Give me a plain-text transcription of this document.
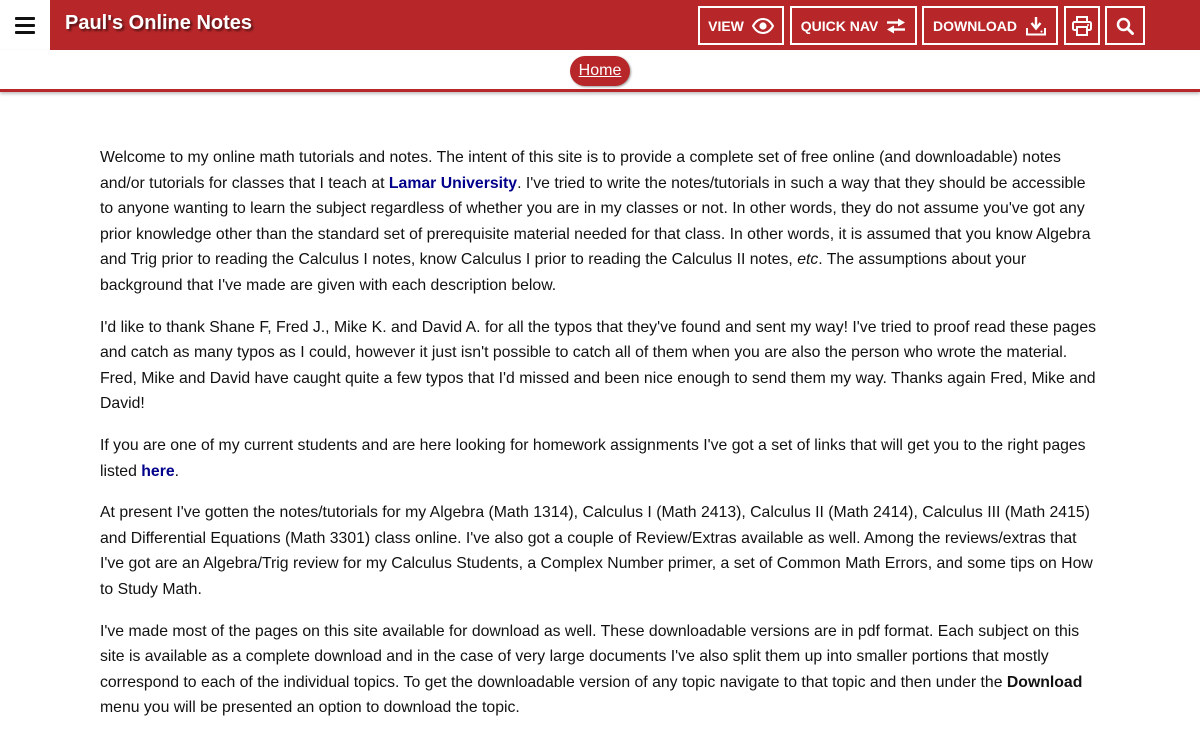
Paul's Online Notes	VIEW	QUICK NAV	DOWNLOAD
Home

Welcome to my online math tutorials and notes. The intent of this site is to provide a complete set of free online (and downloadable) notes and/or tutorials for classes that I teach at Lamar University. I've tried to write the notes/tutorials in such a way that they should be accessible to anyone wanting to learn the subject regardless of whether you are in my classes or not. In other words, they do not assume you've got any prior knowledge other than the standard set of prerequisite material needed for that class. In other words, it is assumed that you know Algebra and Trig prior to reading the Calculus I notes, know Calculus I prior to reading the Calculus II notes, etc. The assumptions about your background that I've made are given with each description below.

I'd like to thank Shane F, Fred J., Mike K. and David A. for all the typos that they've found and sent my way! I've tried to proof read these pages and catch as many typos as I could, however it just isn't possible to catch all of them when you are also the person who wrote the material. Fred, Mike and David have caught quite a few typos that I'd missed and been nice enough to send them my way. Thanks again Fred, Mike and David!

If you are one of my current students and are here looking for homework assignments I've got a set of links that will get you to the right pages listed here.

At present I've gotten the notes/tutorials for my Algebra (Math 1314), Calculus I (Math 2413), Calculus II (Math 2414), Calculus III (Math 2415) and Differential Equations (Math 3301) class online. I've also got a couple of Review/Extras available as well. Among the reviews/extras that I've got are an Algebra/Trig review for my Calculus Students, a Complex Number primer, a set of Common Math Errors, and some tips on How to Study Math.

I've made most of the pages on this site available for download as well. These downloadable versions are in pdf format. Each subject on this site is available as a complete download and in the case of very large documents I've also split them up into smaller portions that mostly correspond to each of the individual topics. To get the downloadable version of any topic navigate to that topic and then under the Download menu you will be presented an option to download the topic.
